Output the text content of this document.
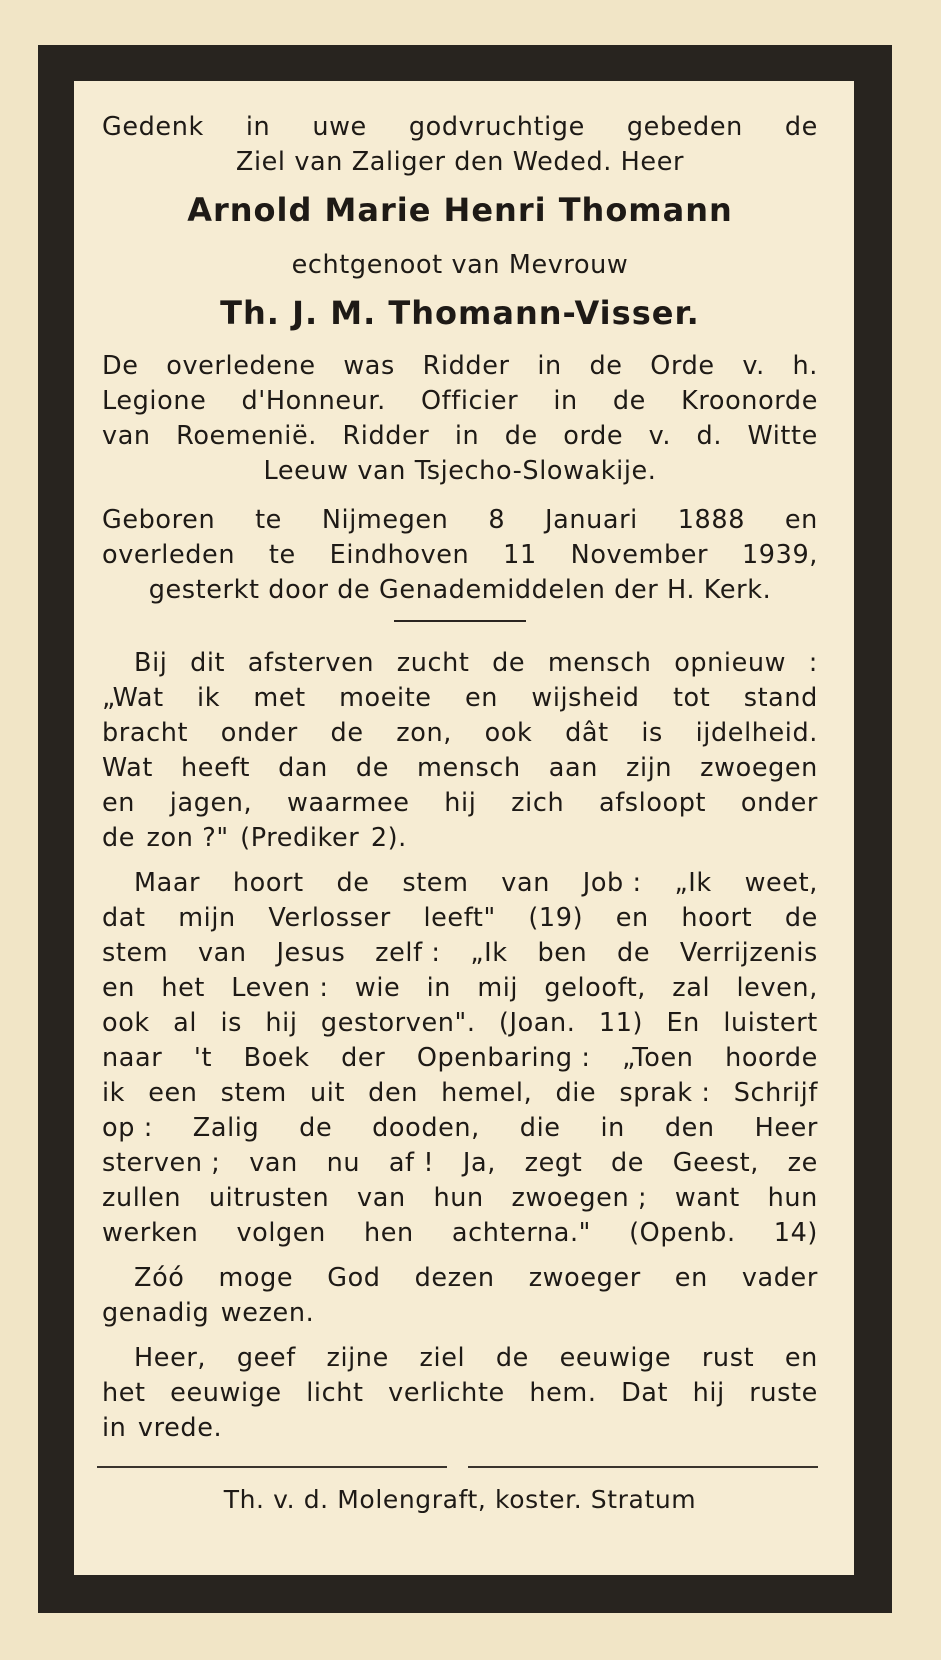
Gedenk in uwe godvruchtige gebeden de
Ziel van Zaliger den Weded. Heer
Arnold Marie Henri Thomann
echtgenoot van Mevrouw
Th. J. M. Thomann-Visser.
De overledene was Ridder in de Orde v. h.
Legione d'Honneur. Officier in de Kroonorde
van Roemenië. Ridder in de orde v. d. Witte
Leeuw van Tsjecho-Slowakije.
Geboren te Nijmegen 8 Januari 1888 en
overleden te Eindhoven 11 November 1939,
gesterkt door de Genademiddelen der H. Kerk.
Bij dit afsterven zucht de mensch opnieuw :
„Wat ik met moeite en wijsheid tot stand
bracht onder de zon, ook dât is ijdelheid.
Wat heeft dan de mensch aan zijn zwoegen
en jagen, waarmee hij zich afsloopt onder
de zon ?" (Prediker 2).
Maar hoort de stem van Job : „Ik weet,
dat mijn Verlosser leeft" (19) en hoort de
stem van Jesus zelf : „Ik ben de Verrijzenis
en het Leven : wie in mij gelooft, zal leven,
ook al is hij gestorven". (Joan. 11) En luistert
naar 't Boek der Openbaring : „Toen hoorde
ik een stem uit den hemel, die sprak : Schrijf
op : Zalig de dooden, die in den Heer
sterven ; van nu af ! Ja, zegt de Geest, ze
zullen uitrusten van hun zwoegen ; want hun
werken volgen hen achterna." (Openb. 14)
Zóó moge God dezen zwoeger en vader
genadig wezen.
Heer, geef zijne ziel de eeuwige rust en
het eeuwige licht verlichte hem. Dat hij ruste
in vrede.
Th. v. d. Molengraft, koster. Stratum
